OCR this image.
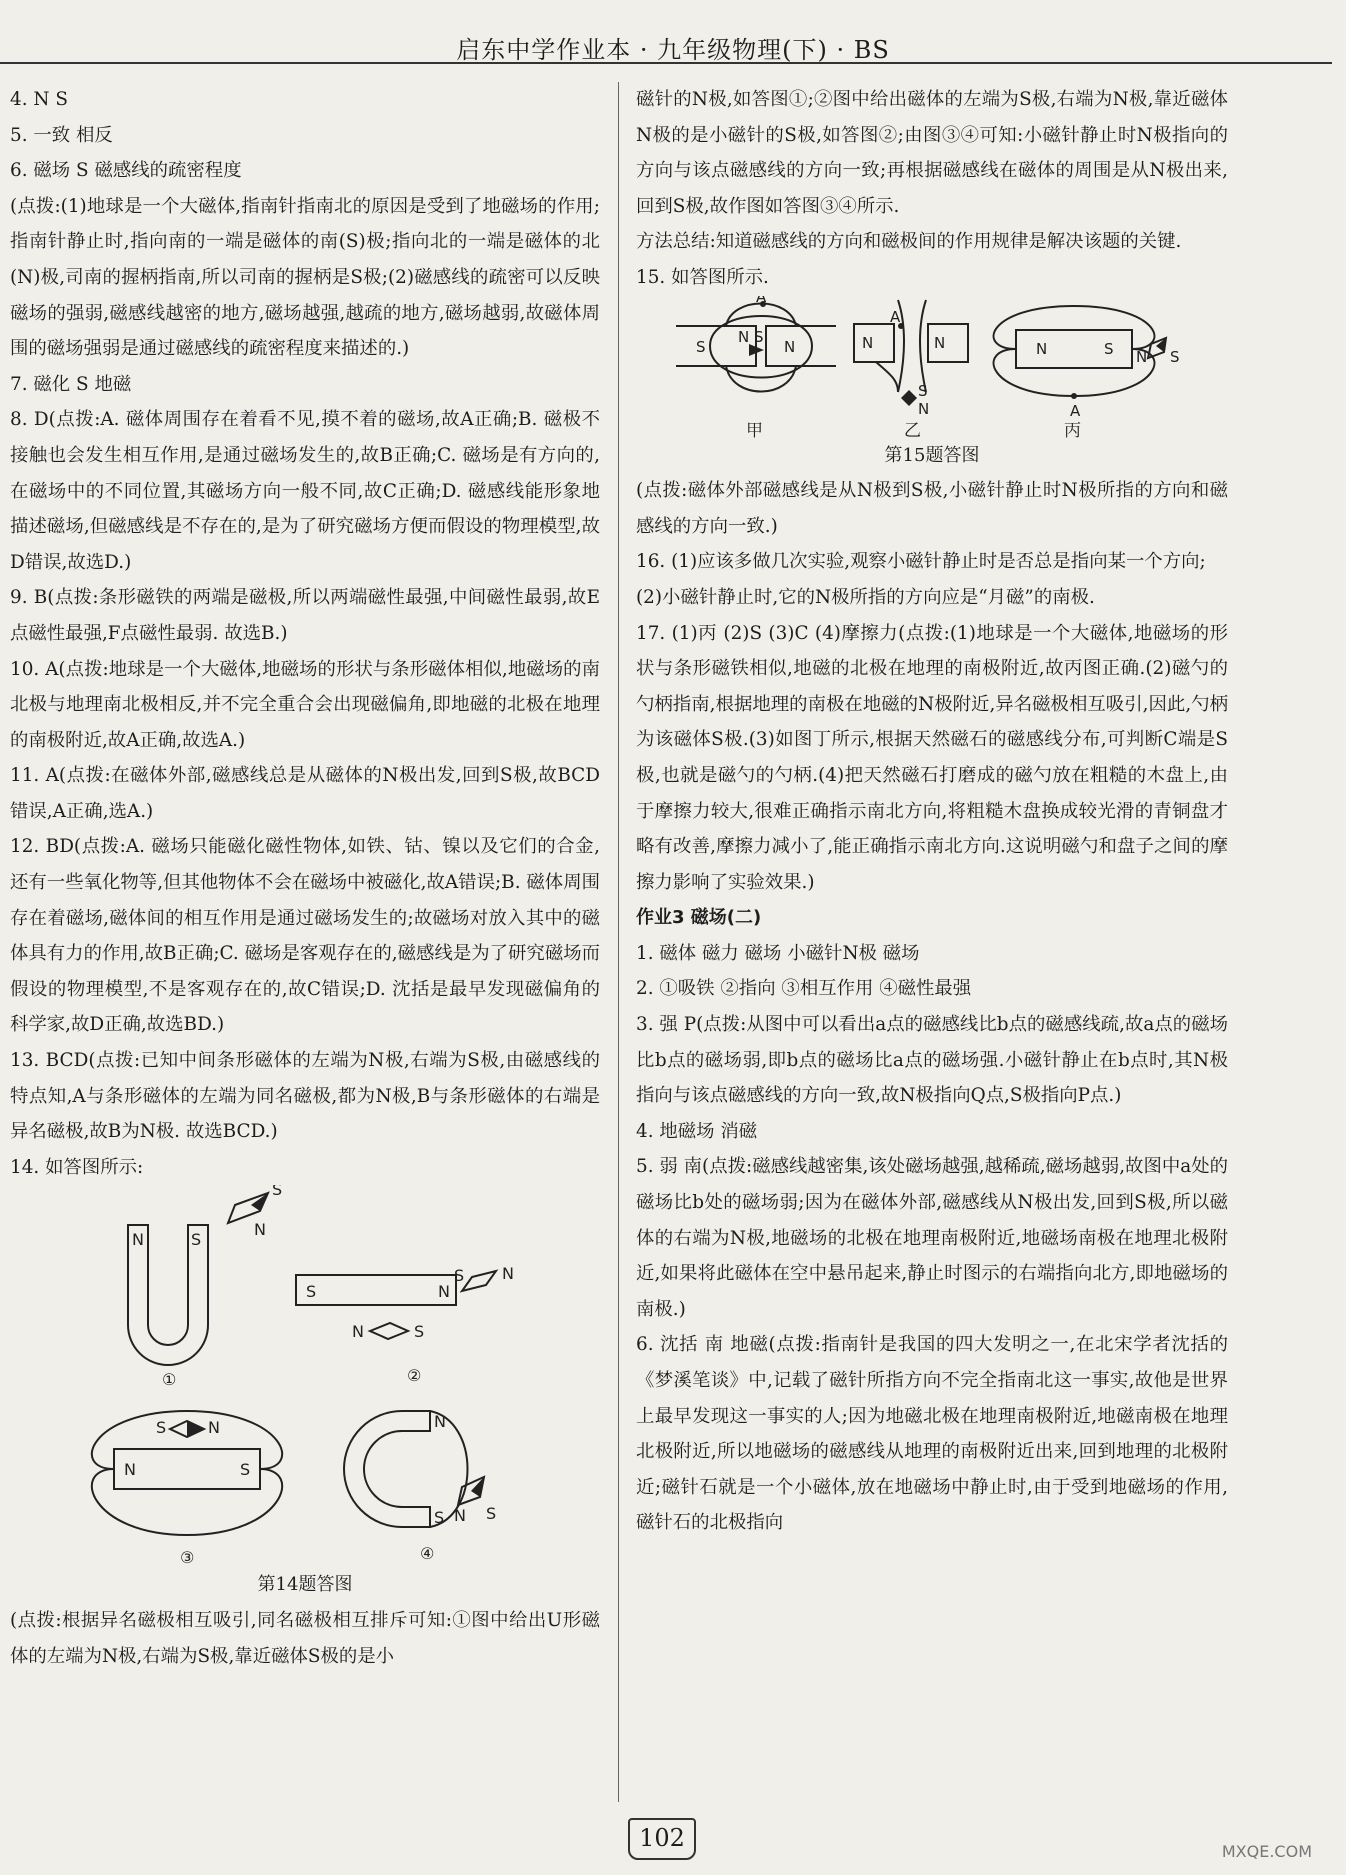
启东中学作业本 · 九年级物理(下) · BS

4. N S

5. 一致 相反

6. 磁场 S 磁感线的疏密程度

(点拨:(1)地球是一个大磁体,指南针指南北的原因是受到了地磁场的作用;指南针静止时,指向南的一端是磁体的南(S)极;指向北的一端是磁体的北(N)极,司南的握柄指南,所以司南的握柄是S极;(2)磁感线的疏密可以反映磁场的强弱,磁感线越密的地方,磁场越强,越疏的地方,磁场越弱,故磁体周围的磁场强弱是通过磁感线的疏密程度来描述的.)

7. 磁化 S 地磁

8. D(点拨:A. 磁体周围存在着看不见,摸不着的磁场,故A正确;B. 磁极不接触也会发生相互作用,是通过磁场发生的,故B正确;C. 磁场是有方向的,在磁场中的不同位置,其磁场方向一般不同,故C正确;D. 磁感线能形象地描述磁场,但磁感线是不存在的,是为了研究磁场方便而假设的物理模型,故D错误,故选D.)

9. B(点拨:条形磁铁的两端是磁极,所以两端磁性最强,中间磁性最弱,故E点磁性最强,F点磁性最弱. 故选B.)

10. A(点拨:地球是一个大磁体,地磁场的形状与条形磁体相似,地磁场的南北极与地理南北极相反,并不完全重合会出现磁偏角,即地磁的北极在地理的南极附近,故A正确,故选A.)

11. A(点拨:在磁体外部,磁感线总是从磁体的N极出发,回到S极,故BCD错误,A正确,选A.)

12. BD(点拨:A. 磁场只能磁化磁性物体,如铁、钴、镍以及它们的合金,还有一些氧化物等,但其他物体不会在磁场中被磁化,故A错误;B. 磁体周围存在着磁场,磁体间的相互作用是通过磁场发生的;故磁场对放入其中的磁体具有力的作用,故B正确;C. 磁场是客观存在的,磁感线是为了研究磁场而假设的物理模型,不是客观存在的,故C错误;D. 沈括是最早发现磁偏角的科学家,故D正确,故选BD.)

13. BCD(点拨:已知中间条形磁体的左端为N极,右端为S极,由磁感线的特点知,A与条形磁体的左端为同名磁极,都为N极,B与条形磁体的右端是异名磁极,故B为N极. 故选BCD.)

14. 如答图所示:

N	S
S
N
①
S	N
S N
N	S
②
N	S
S	N
③
N
S N S
④
第14题答图

(点拨:根据异名磁极相互吸引,同名磁极相互排斥可知:①图中给出U形磁体的左端为N极,右端为S极,靠近磁体S极的是小

磁针的N极,如答图①;②图中给出磁体的左端为S极,右端为N极,靠近磁体N极的是小磁针的S极,如答图②;由图③④可知:小磁针静止时N极指向的方向与该点磁感线的方向一致;再根据磁感线在磁体的周围是从N极出来,回到S极,故作图如答图③④所示.

方法总结:知道磁感线的方向和磁极间的作用规律是解决该题的关键.

15. 如答图所示.

S
N S
N
A
N	N
A
S
N
N	S N S
A
甲	乙	丙
第15题答图

(点拨:磁体外部磁感线是从N极到S极,小磁针静止时N极所指的方向和磁感线的方向一致.)

16. (1)应该多做几次实验,观察小磁针静止时是否总是指向某一个方向;

(2)小磁针静止时,它的N极所指的方向应是“月磁”的南极.

17. (1)丙 (2)S (3)C (4)摩擦力(点拨:(1)地球是一个大磁体,地磁场的形状与条形磁铁相似,地磁的北极在地理的南极附近,故丙图正确.(2)磁勺的勺柄指南,根据地理的南极在地磁的N极附近,异名磁极相互吸引,因此,勺柄为该磁体S极.(3)如图丁所示,根据天然磁石的磁感线分布,可判断C端是S极,也就是磁勺的勺柄.(4)把天然磁石打磨成的磁勺放在粗糙的木盘上,由于摩擦力较大,很难正确指示南北方向,将粗糙木盘换成较光滑的青铜盘才略有改善,摩擦力减小了,能正确指示南北方向.这说明磁勺和盘子之间的摩擦力影响了实验效果.)

作业3 磁场(二)

1. 磁体 磁力 磁场 小磁针N极 磁场

2. ①吸铁 ②指向 ③相互作用 ④磁性最强

3. 强 P(点拨:从图中可以看出a点的磁感线比b点的磁感线疏,故a点的磁场比b点的磁场弱,即b点的磁场比a点的磁场强.小磁针静止在b点时,其N极指向与该点磁感线的方向一致,故N极指向Q点,S极指向P点.)

4. 地磁场 消磁

5. 弱 南(点拨:磁感线越密集,该处磁场越强,越稀疏,磁场越弱,故图中a处的磁场比b处的磁场弱;因为在磁体外部,磁感线从N极出发,回到S极,所以磁体的右端为N极,地磁场的北极在地理南极附近,地磁场南极在地理北极附近,如果将此磁体在空中悬吊起来,静止时图示的右端指向北方,即地磁场的南极.)

6. 沈括 南 地磁(点拨:指南针是我国的四大发明之一,在北宋学者沈括的《梦溪笔谈》中,记载了磁针所指方向不完全指南北这一事实,故他是世界上最早发现这一事实的人;因为地磁北极在地理南极附近,地磁南极在地理北极附近,所以地磁场的磁感线从地理的南极附近出来,回到地理的北极附近;磁针石就是一个小磁体,放在地磁场中静止时,由于受到地磁场的作用,磁针石的北极指向

102	MXQE.COM
